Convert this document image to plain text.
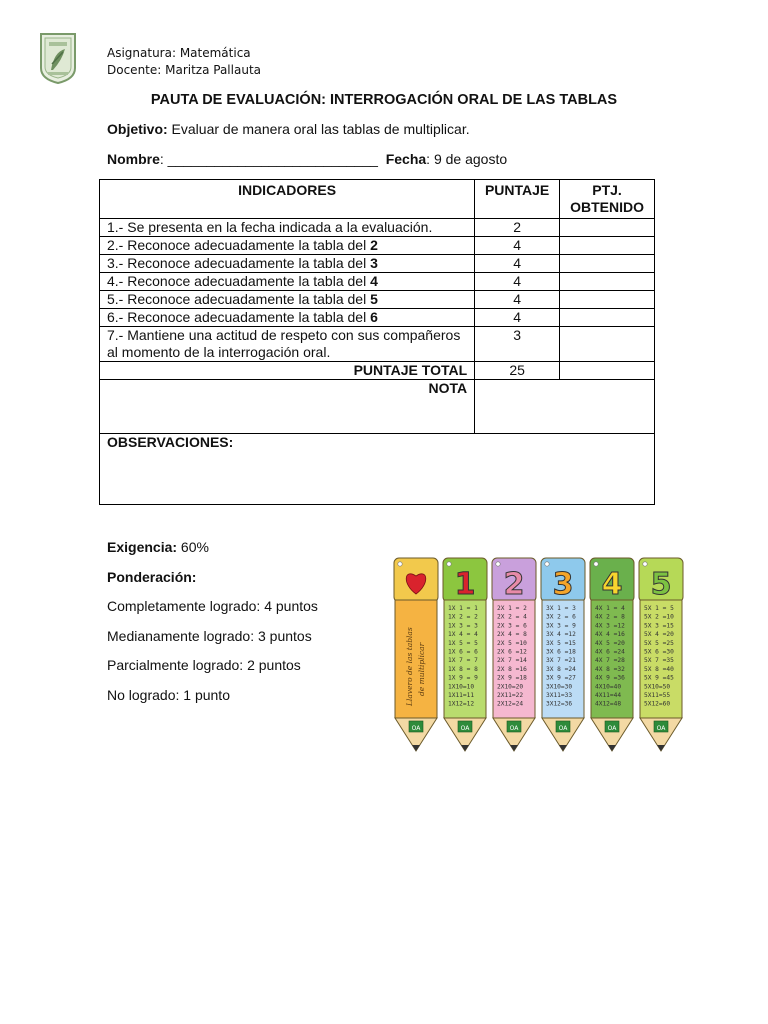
Asignatura: Matemática
Docente: Maritza Pallauta
PAUTA DE EVALUACIÓN: INTERROGACIÓN ORAL DE LAS TABLAS
Objetivo: Evaluar de manera oral las tablas de multiplicar.
Nombre: ___________________________ Fecha: 9 de agosto
INDICADORES	PUNTAJE	PTJ.
OBTENIDO
1.- Se presenta en la fecha indicada a la evaluación.	2	
2.- Reconoce adecuadamente la tabla del 2	4	
3.- Reconoce adecuadamente la tabla del 3	4	
4.- Reconoce adecuadamente la tabla del 4	4	
5.- Reconoce adecuadamente la tabla del 5	4	
6.- Reconoce adecuadamente la tabla del 6	4	
7.- Mantiene una actitud de respeto con sus compañeros al momento de la interrogación oral.	3	
PUNTAJE TOTAL	25	
NOTA		
OBSERVACIONES:		
Exigencia: 60%
Ponderación:
Completamente logrado: 4 puntos
Medianamente logrado: 3 puntos
Parcialmente logrado: 2 puntos
No logrado: 1 punto
OA
Llavero de las tablas de multiplicar
OA
1
1X 1 = 1
1X 2 = 2
1X 3 = 3
1X 4 = 4
1X 5 = 5
1X 6 = 6
1X 7 = 7
1X 8 = 8
1X 9 = 9
1X10=10
1X11=11
1X12=12
OA
2
2X 1 = 2
2X 2 = 4
2X 3 = 6
2X 4 = 8
2X 5 =10
2X 6 =12
2X 7 =14
2X 8 =16
2X 9 =18
2X10=20
2X11=22
2X12=24
OA
3
3X 1 = 3
3X 2 = 6
3X 3 = 9
3X 4 =12
3X 5 =15
3X 6 =18
3X 7 =21
3X 8 =24
3X 9 =27
3X10=30
3X11=33
3X12=36
OA
4
4X 1 = 4
4X 2 = 8
4X 3 =12
4X 4 =16
4X 5 =20
4X 6 =24
4X 7 =28
4X 8 =32
4X 9 =36
4X10=40
4X11=44
4X12=48
OA
5
5X 1 = 5
5X 2 =10
5X 3 =15
5X 4 =20
5X 5 =25
5X 6 =30
5X 7 =35
5X 8 =40
5X 9 =45
5X10=50
5X11=55
5X12=60
